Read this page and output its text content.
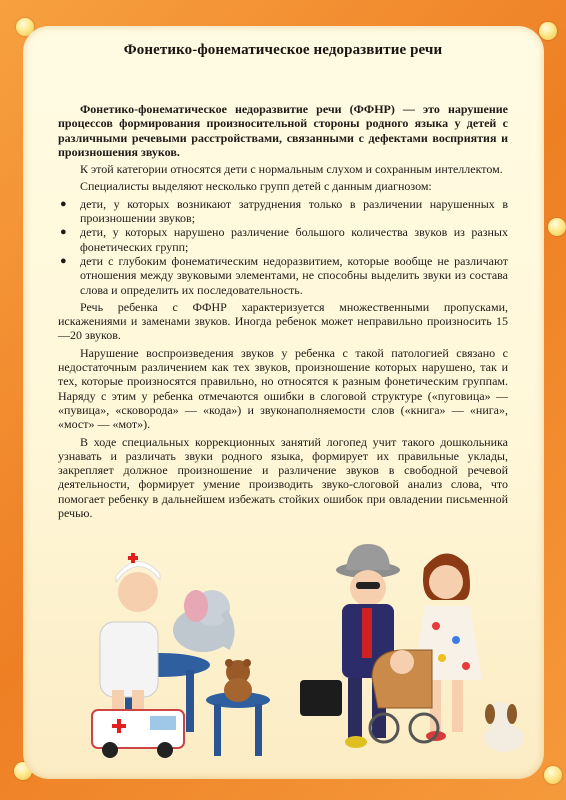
Фонетико-фонематическое недоразвитие речи

Фонетико-фонематическое недоразвитие речи (ФФНР) — это нарушение процессов формирования произносительной стороны родного языка у детей с различными речевыми расстройствами, связанными с дефектами восприятия и произношения звуков.

К этой категории относятся дети с нормальным слухом и сохранным интеллектом.

Специалисты выделяют несколько групп детей с данным диагнозом:

● дети, у которых возникают затруднения только в различении нарушенных в произношении звуков;
● дети, у которых нарушено различение большого количества звуков из разных фонетических групп;
● дети с глубоким фонематическим недоразвитием, которые вообще не различают отношения между звуковыми элементами, не способны выделить звуки из состава слова и определить их последовательность.

Речь ребенка с ФФНР характеризуется множественными пропусками, искажениями и заменами звуков. Иногда ребенок может неправильно произносить 15—20 звуков.

Нарушение воспроизведения звуков у ребенка с такой патологией связано с недостаточным различением как тех звуков, произношение которых нарушено, так и тех, которые произносятся правильно, но относятся к разным фонетическим группам. Наряду с этим у ребенка отмечаются ошибки в слоговой структуре («пуговица» — «пувица», «сковорода» — «кода») и звуконаполняемости слов («книга» — «нига», «мост» — «мот»).

В ходе специальных коррекционных занятий логопед учит такого дошкольника узнавать и различать звуки родного языка, формирует их правильные уклады, закрепляет должное произношение и различение звуков в свободной речевой деятельности, формирует умение производить звуко-слоговой анализ слова, что помогает ребенку в дальнейшем избежать стойких ошибок при овладении письменной речью.
